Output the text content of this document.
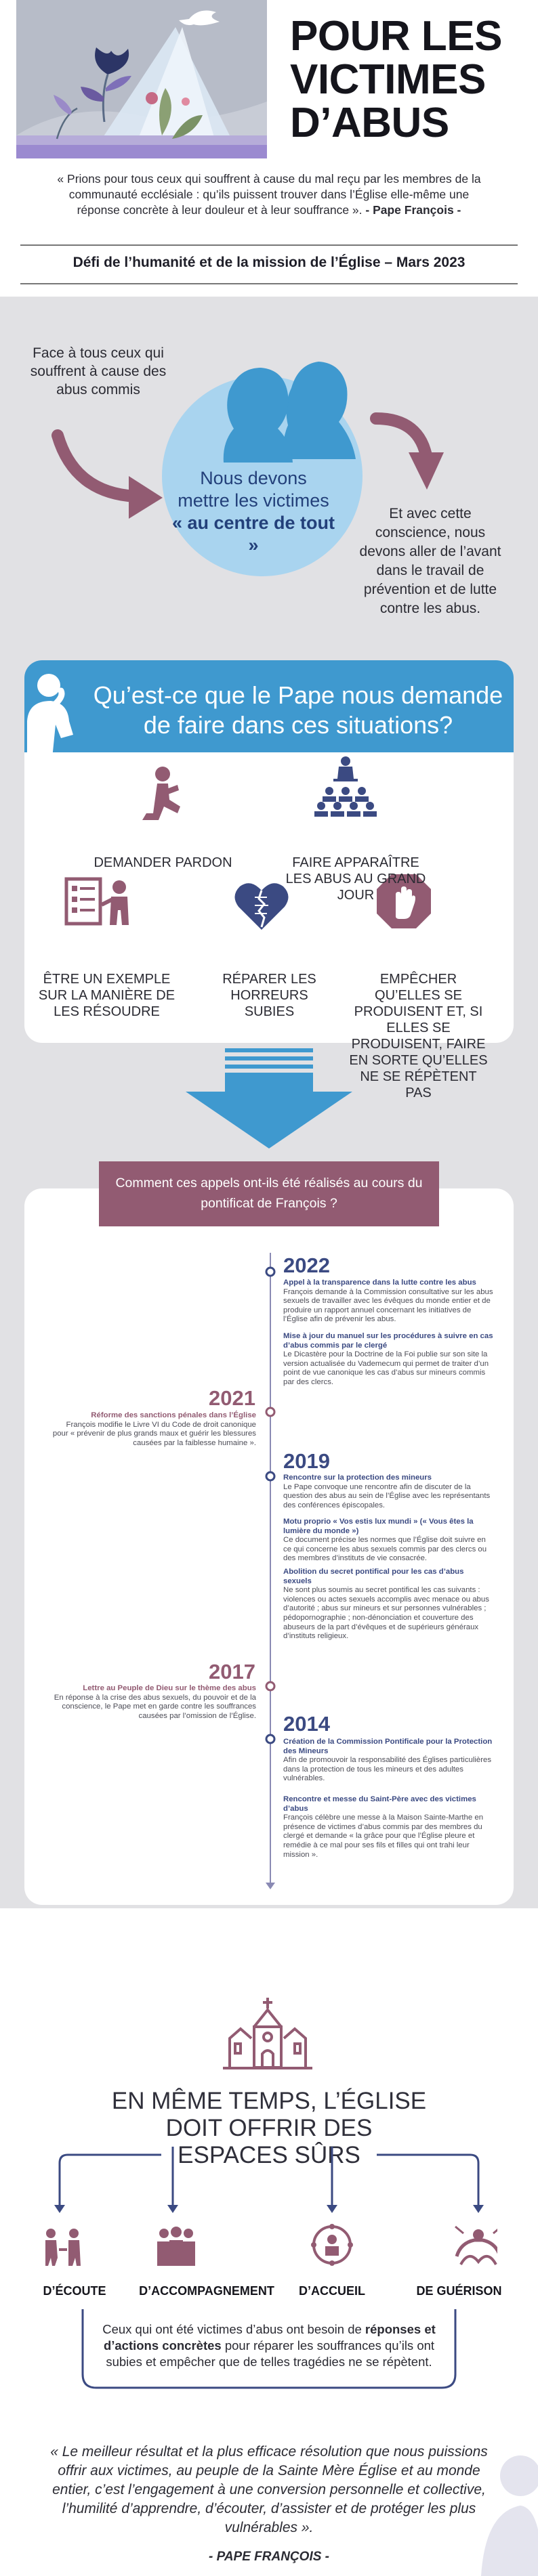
POUR LES
VICTIMES
D’ABUS
« Prions pour tous ceux qui souffrent à cause du mal reçu par les membres de la communauté ecclésiale : qu’ils puissent trouver dans l’Église elle-même une réponse concrète à leur douleur et à leur souffrance ». - Pape François -
Défi de l’humanité et de la mission de l’Église – Mars 2023
Face à tous ceux qui souffrent à cause des abus commis
Nous devons
mettre les victimes
« au centre de tout »
Et avec cette conscience, nous devons aller de l’avant dans le travail de prévention et de lutte contre les abus.
Qu’est-ce que le Pape nous demande de faire dans ces situations?
DEMANDER PARDON	FAIRE APPARAÎTRE LES ABUS AU GRAND JOUR
ÊTRE UN EXEMPLE SUR LA MANIÈRE DE LES RÉSOUDRE
RÉPARER LES HORREURS SUBIES
EMPÊCHER QU’ELLES SE PRODUISENT ET, SI ELLES SE PRODUISENT, FAIRE EN SORTE QU’ELLES NE SE RÉPÈTENT PAS
Comment ces appels ont-ils été réalisés au cours du pontificat de François ?
2022
Appel à la transparence dans la lutte contre les abus
François demande à la Commission consultative sur les abus sexuels de travailler avec les évêques du monde entier et de produire un rapport annuel concernant les initiatives de l’Église afin de prévenir les abus.
Mise à jour du manuel sur les procédures à suivre en cas d’abus commis par le clergé
Le Dicastère pour la Doctrine de la Foi publie sur son site la version actualisée du Vademecum qui permet de traiter d’un point de vue canonique les cas d’abus sur mineurs commis par des clercs.
2021
Réforme des sanctions pénales dans l’Église
François modifie le Livre VI du Code de droit canonique pour « prévenir de plus grands maux et guérir les blessures causées par la faiblesse humaine ».
2019
Rencontre sur la protection des mineurs
Le Pape convoque une rencontre afin de discuter de la question des abus au sein de l’Église avec les représentants des conférences épiscopales.
Motu proprio « Vos estis lux mundi » (« Vous êtes la lumière du monde »)
Ce document précise les normes que l’Église doit suivre en ce qui concerne les abus sexuels commis par des clercs ou des membres d’instituts de vie consacrée.
Abolition du secret pontifical pour les cas d’abus sexuels
Ne sont plus soumis au secret pontifical les cas suivants : violences ou actes sexuels accomplis avec menace ou abus d’autorité ; abus sur mineurs et sur personnes vulnérables ; pédopornographie ; non-dénonciation et couverture des abuseurs de la part d’évêques et de supérieurs généraux d’instituts religieux.
2017
Lettre au Peuple de Dieu sur le thème des abus
En réponse à la crise des abus sexuels, du pouvoir et de la conscience, le Pape met en garde contre les souffrances causées par l’omission de l’Église. 2014
Création de la Commission Pontificale pour la Protection des Mineurs
Afin de promouvoir la responsabilité des Églises particulières dans la protection de tous les mineurs et des adultes vulnérables.
Rencontre et messe du Saint-Père avec des victimes d’abus
François célèbre une messe à la Maison Sainte-Marthe en présence de victimes d’abus commis par des membres du clergé et demande « la grâce pour que l’Église pleure et remédie à ce mal pour ses fils et filles qui ont trahi leur mission ».
EN MÊME TEMPS, L’ÉGLISE DOIT OFFRIR DES ESPACES SÛRS
D’ÉCOUTE	D’ACCOMPAGNEMENT	D’ACCUEIL	DE GUÉRISON
Ceux qui ont été victimes d’abus ont besoin de réponses et d’actions concrètes pour réparer les souffrances qu’ils ont subies et empêcher que de telles tragédies ne se répètent.
« Le meilleur résultat et la plus efficace résolution que nous puissions offrir aux victimes, au peuple de la Sainte Mère Église et au monde entier, c’est l’engagement à une conversion personnelle et collective, l’humilité d’apprendre, d’écouter, d’assister et de protéger les plus vulnérables ».
- PAPE FRANÇOIS -
